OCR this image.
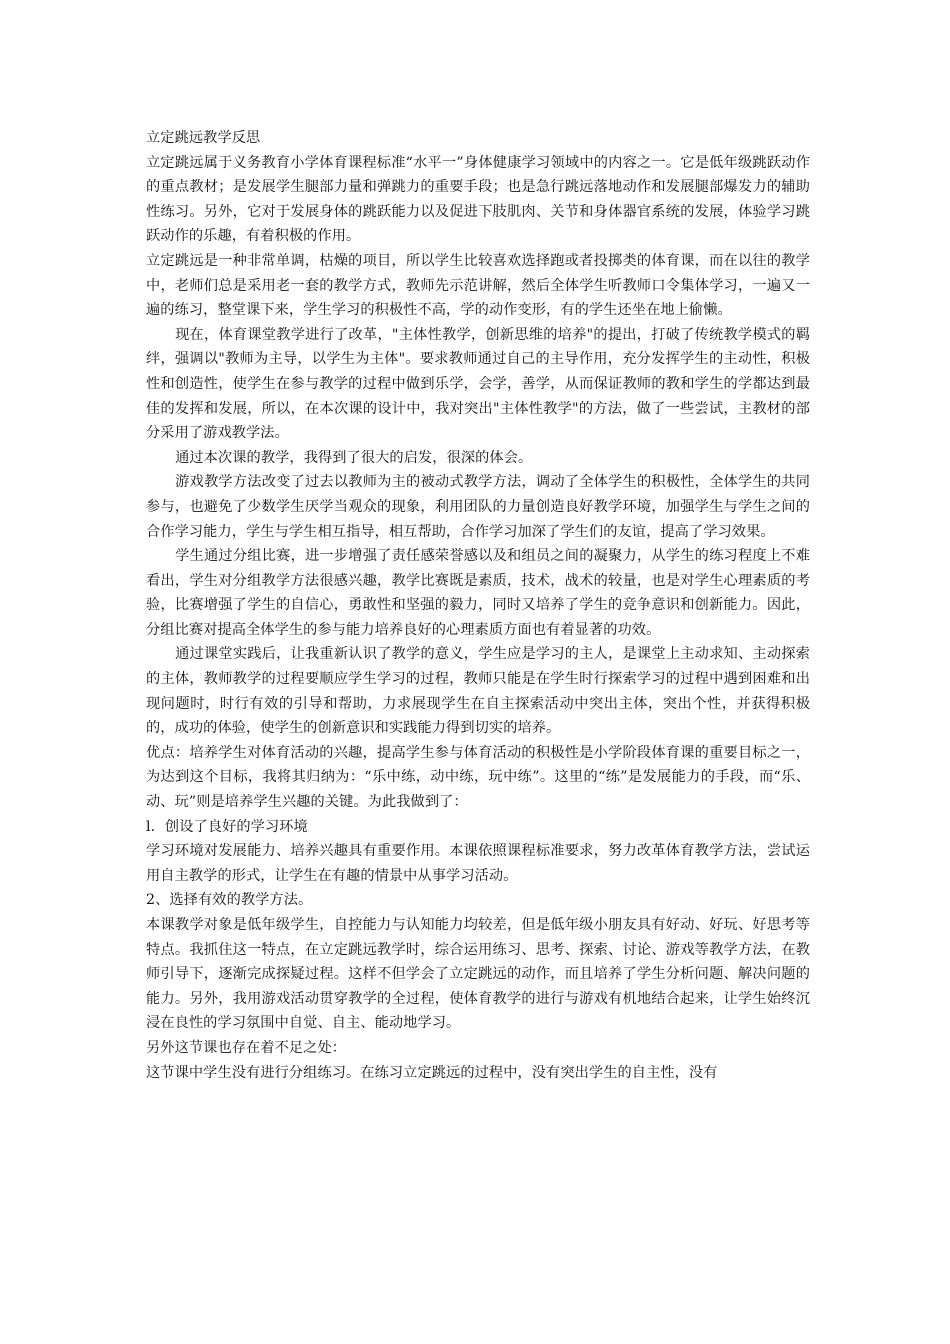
立定跳远教学反思

立定跳远属于义务教育小学体育课程标准“水平一”身体健康学习领域中的内容之一。它是低年级跳跃动作的重点教材；是发展学生腿部力量和弹跳力的重要手段；也是急行跳远落地动作和发展腿部爆发力的辅助性练习。另外，它对于发展身体的跳跃能力以及促进下肢肌肉、关节和身体器官系统的发展，体验学习跳跃动作的乐趣，有着积极的作用。

立定跳远是一种非常单调，枯燥的项目，所以学生比较喜欢选择跑或者投掷类的体育课，而在以往的教学中，老师们总是采用老一套的教学方式，教师先示范讲解，然后全体学生听教师口令集体学习，一遍又一遍的练习，整堂课下来，学生学习的积极性不高，学的动作变形，有的学生还坐在地上偷懒。

现在，体育课堂教学进行了改革，"主体性教学，创新思维的培养"的提出，打破了传统教学模式的羁绊，强调以"教师为主导，以学生为主体"。要求教师通过自己的主导作用，充分发挥学生的主动性，积极性和创造性，使学生在参与教学的过程中做到乐学，会学，善学，从而保证教师的教和学生的学都达到最佳的发挥和发展，所以，在本次课的设计中，我对突出"主体性教学"的方法，做了一些尝试，主教材的部分采用了游戏教学法。

通过本次课的教学，我得到了很大的启发，很深的体会。

游戏教学方法改变了过去以教师为主的被动式教学方法，调动了全体学生的积极性，全体学生的共同参与，也避免了少数学生厌学当观众的现象，利用团队的力量创造良好教学环境，加强学生与学生之间的合作学习能力，学生与学生相互指导，相互帮助，合作学习加深了学生们的友谊，提高了学习效果。

学生通过分组比赛，进一步增强了责任感荣誉感以及和组员之间的凝聚力，从学生的练习程度上不难看出，学生对分组教学方法很感兴趣，教学比赛既是素质，技术，战术的较量，也是对学生心理素质的考验，比赛增强了学生的自信心，勇敢性和坚强的毅力，同时又培养了学生的竞争意识和创新能力。因此，分组比赛对提高全体学生的参与能力培养良好的心理素质方面也有着显著的功效。

通过课堂实践后，让我重新认识了教学的意义，学生应是学习的主人，是课堂上主动求知、主动探索的主体，教师教学的过程要顺应学生学习的过程，教师只能是在学生时行探索学习的过程中遇到困难和出现问题时，时行有效的引导和帮助，力求展现学生在自主探索活动中突出主体，突出个性，并获得积极的，成功的体验，使学生的创新意识和实践能力得到切实的培养。

优点：培养学生对体育活动的兴趣，提高学生参与体育活动的积极性是小学阶段体育课的重要目标之一，为达到这个目标，我将其归纳为：“乐中练，动中练，玩中练”。这里的“练”是发展能力的手段，而“乐、动、玩”则是培养学生兴趣的关键。为此我做到了：

l．创设了良好的学习环境

学习环境对发展能力、培养兴趣具有重要作用。本课依照课程标准要求，努力改革体育教学方法，尝试运用自主教学的形式，让学生在有趣的情景中从事学习活动。

2、选择有效的教学方法。

本课教学对象是低年级学生，自控能力与认知能力均较差，但是低年级小朋友具有好动、好玩、好思考等特点。我抓住这一特点，在立定跳远教学时，综合运用练习、思考、探索、讨论、游戏等教学方法，在教师引导下，逐渐完成探疑过程。这样不但学会了立定跳远的动作，而且培养了学生分析问题、解决问题的能力。另外，我用游戏活动贯穿教学的全过程，使体育教学的进行与游戏有机地结合起来，让学生始终沉浸在良性的学习氛围中自觉、自主、能动地学习。

另外这节课也存在着不足之处：

这节课中学生没有进行分组练习。在练习立定跳远的过程中，没有突出学生的自主性，没有
